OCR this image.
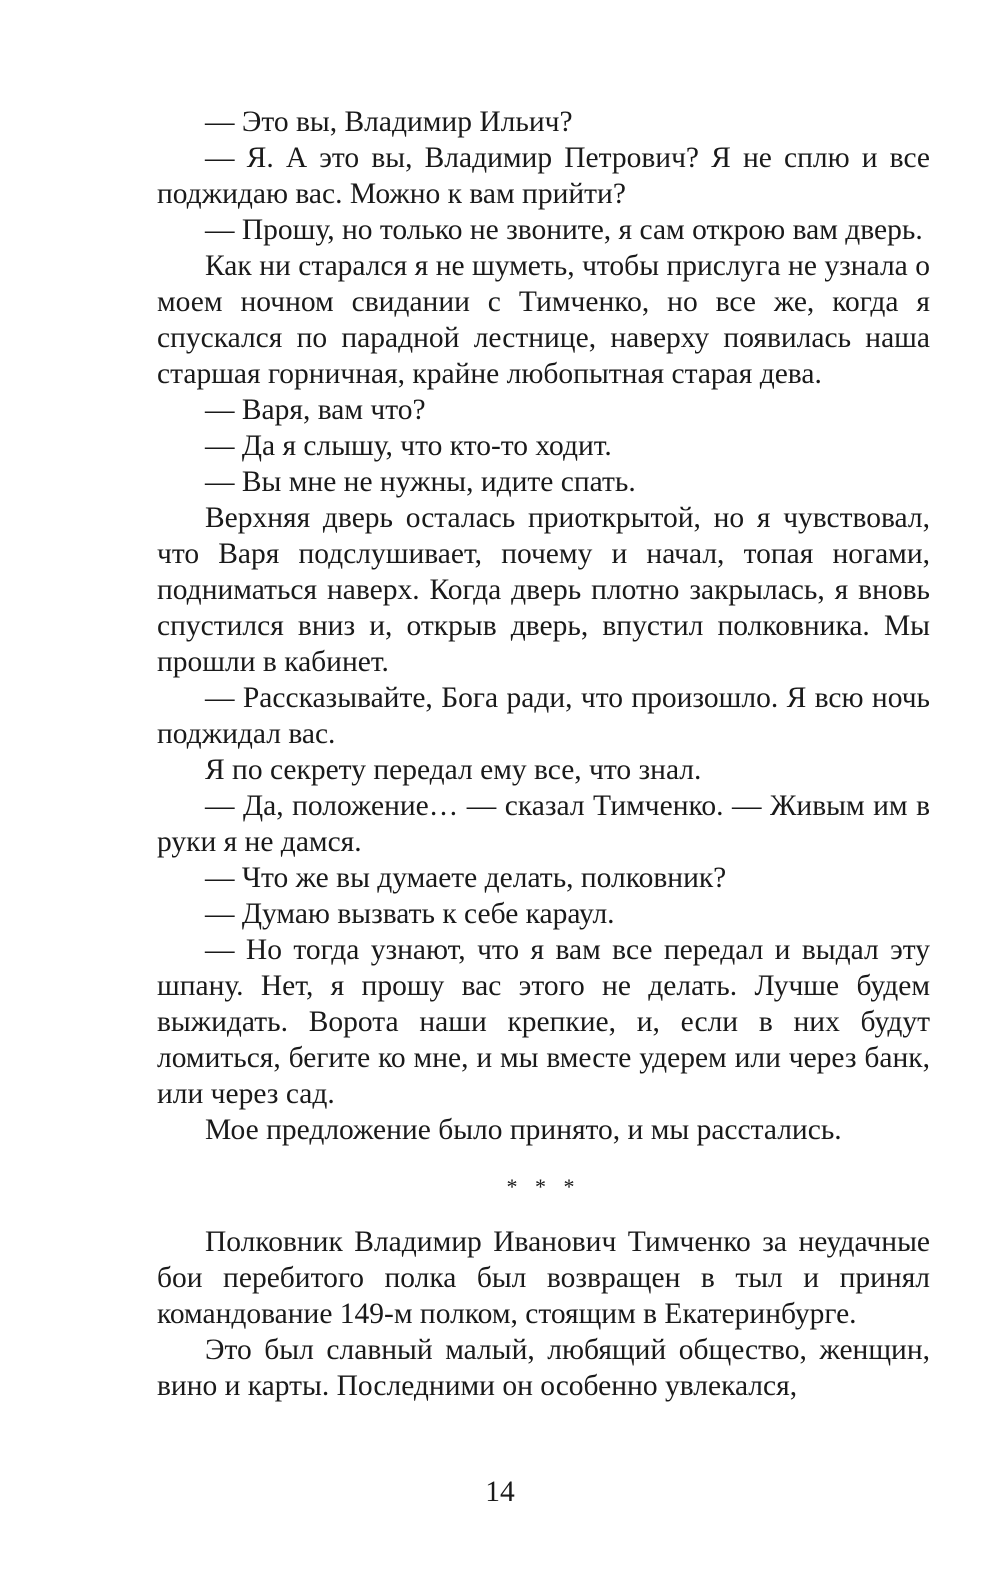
— Это вы, Владимир Ильич?

— Я. А это вы, Владимир Петрович? Я не сплю и все поджидаю вас. Можно к вам прийти?

— Прошу, но только не звоните, я сам открою вам дверь.

Как ни старался я не шуметь, чтобы прислуга не узнала о моем ночном свидании с Тимченко, но все же, когда я спускался по парадной лестнице, наверху появилась наша старшая горничная, крайне любопытная старая дева.

— Варя, вам что?

— Да я слышу, что кто-то ходит.

— Вы мне не нужны, идите спать.

Верхняя дверь осталась приоткрытой, но я чувствовал, что Варя подслушивает, почему и начал, топая ногами, подниматься наверх. Когда дверь плотно закрылась, я вновь спустился вниз и, открыв дверь, впустил полковника. Мы прошли в кабинет.

— Рассказывайте, Бога ради, что произошло. Я всю ночь поджидал вас.

Я по секрету передал ему все, что знал.

— Да, положение… — сказал Тимченко. — Живым им в руки я не дамся.

— Что же вы думаете делать, полковник?

— Думаю вызвать к себе караул.

— Но тогда узнают, что я вам все передал и выдал эту шпану. Нет, я прошу вас этого не делать. Лучше будем выжидать. Ворота наши крепкие, и, если в них будут ломиться, бегите ко мне, и мы вместе удерем или через банк, или через сад.

Мое предложение было принято, и мы расстались.

* * *

Полковник Владимир Иванович Тимченко за неудачные бои перебитого полка был возвращен в тыл и принял командование 149-м полком, стоящим в Екатеринбурге.

Это был славный малый, любящий общество, женщин, вино и карты. Последними он особенно увлекался,

14
